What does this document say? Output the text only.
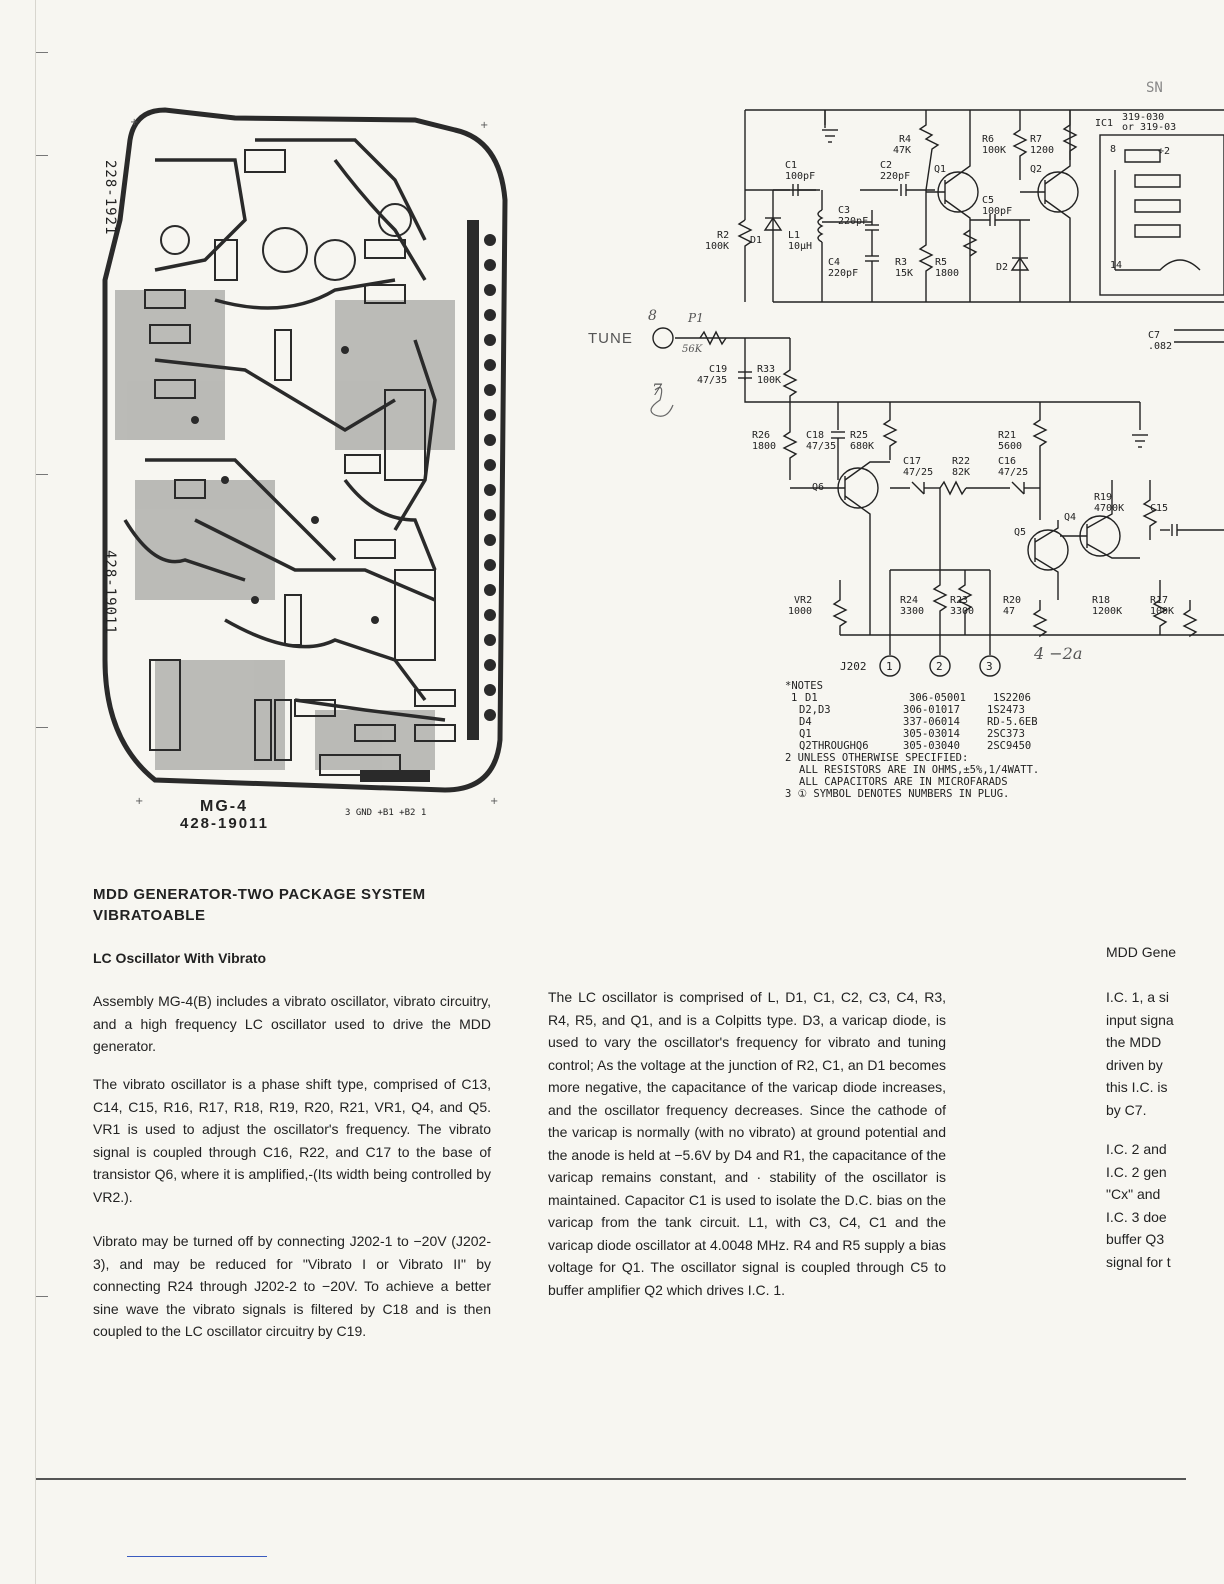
+	+
+	+
228-1921
428-19011
MG-4
428-19011
3 GND +B1 +B2 1
SN
R4
47K
R6
100K
R7
1200
IC1
319-030
or 319-03
C1
100pF
C2
220pF
Q1	Q2
C3
220pF
C5
100pF
R2
100K
D1	L1
10μH
C4
220pF
R3
15K
R5
1800
D2
C7
.082
TUNE
P1
56K
8
7
C19
47/35
R33
100K
R26
1800
C18
47/35
R25
680K
R21
5600
C17
47/25
R22
82K
C16
47/25
Q6
R19
4700K	C15
Q4
Q5
VR2
1000
R24
3300
R23
3300
R20
47
R18
1200K
R17
100K
J202 1	2	3
4 −2a
8
14
÷2
*NOTES
1 D1	306-05001	1S2206
D2,D3	306-01017	1S2473
D4	337-06014	RD-5.6EB
Q1	305-03014	2SC373
Q2THROUGHQ6	305-03040	2SC9450
2 UNLESS OTHERWISE SPECIFIED:
ALL RESISTORS ARE IN OHMS,±5%,1/4WATT.
ALL CAPACITORS ARE IN MICROFARADS
3 ① SYMBOL DENOTES NUMBERS IN PLUG.
MDD GENERATOR-TWO PACKAGE SYSTEM VIBRATOABLE
LC Oscillator With Vibrato

Assembly MG-4(B) includes a vibrato oscillator, vibrato circuitry, and a high frequency LC oscillator used to drive the MDD generator.

The vibrato oscillator is a phase shift type, comprised of C13, C14, C15, R16, R17, R18, R19, R20, R21, VR1, Q4, and Q5. VR1 is used to adjust the oscillator's frequency. The vibrato signal is coupled through C16, R22, and C17 to the base of transistor Q6, where it is amplified,-(Its width being controlled by VR2.).

Vibrato may be turned off by connecting J202-1 to −20V (J202-3), and may be reduced for "Vibrato I or Vibrato II" by connecting R24 through J202-2 to −20V. To achieve a better sine wave the vibrato signals is filtered by C18 and is then coupled to the LC oscillator circuitry by C19.

The LC oscillator is comprised of L, D1, C1, C2, C3, C4, R3, R4, R5, and Q1, and is a Colpitts type. D3, a varicap diode, is used to vary the oscillator's frequency for vibrato and tuning control; As the voltage at the junction of R2, C1, an D1 becomes more negative, the capacitance of the varicap diode increases, and the oscillator frequency decreases. Since the cathode of the varicap is normally (with no vibrato) at ground potential and the anode is held at −5.6V by D4 and R1, the capacitance of the varicap remains constant, and · stability of the oscillator is maintained. Capacitor C1 is used to isolate the D.C. bias on the varicap from the tank circuit. L1, with C3, C4, C1 and the varicap diode oscillator at 4.0048 MHz. R4 and R5 supply a bias voltage for Q1. The oscillator signal is coupled through C5 to buffer amplifier Q2 which drives I.C. 1.

MDD Gene

I.C. 1, a si

input signa

the MDD

driven by

this I.C. is

by C7.

I.C. 2 and

I.C. 2 gen

"Cx" and

I.C. 3 doe

buffer Q3

signal for t
